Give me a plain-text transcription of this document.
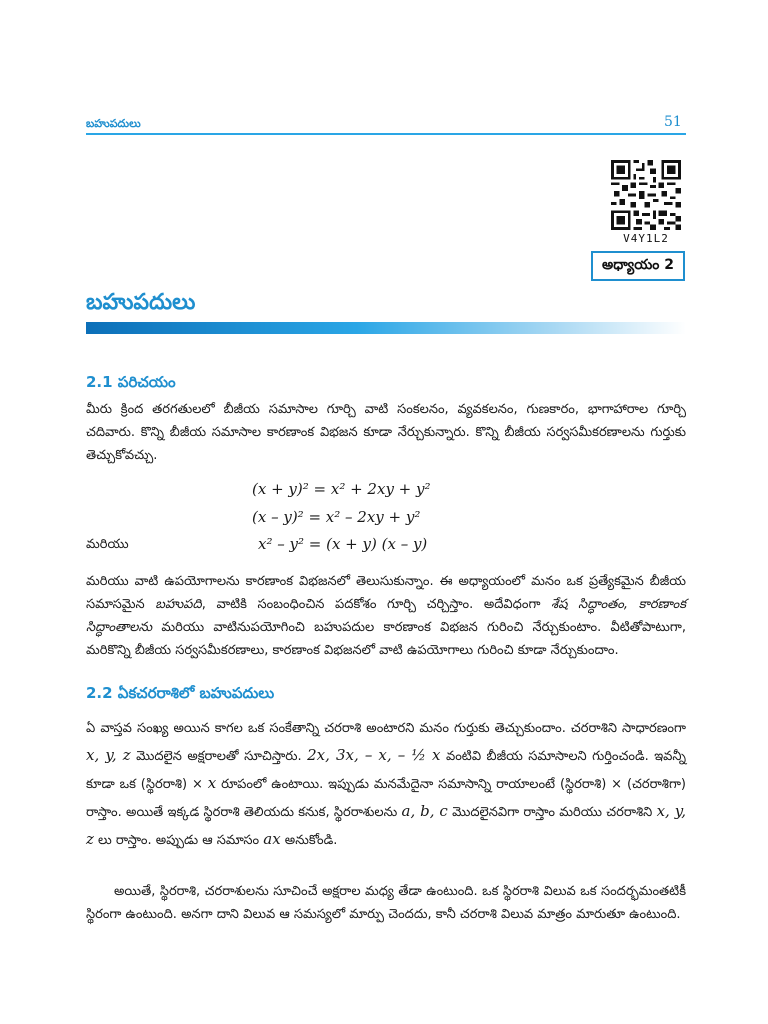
బహుపదులు	51
V4Y1L2
అధ్యాయం 2
బహుపదులు
2.1 పరిచయం
మీరు క్రింద తరగతులలో బీజీయ సమాసాల గూర్చి వాటి సంకలనం, వ్యవకలనం, గుణకారం, భాగాహారాల గూర్చి చదివారు. కొన్ని బీజీయ సమాసాల కారణాంక విభజన కూడా నేర్చుకున్నారు. కొన్ని బీజీయ సర్వసమీకరణాలను గుర్తుకు తెచ్చుకోవచ్చు.
(x + y)² = x² + 2xy + y²
(x – y)² = x² – 2xy + y²
మరియు	x² – y² = (x + y) (x – y)
మరియు వాటి ఉపయోగాలను కారణాంక విభజనలో తెలుసుకున్నాం. ఈ అధ్యాయంలో మనం ఒక ప్రత్యేకమైన బీజీయ సమాసమైన బహుపది, వాటికి సంబంధించిన పదకోశం గూర్చి చర్చిస్తాం. అదేవిధంగా శేష సిద్ధాంతం, కారణాంక సిద్ధాంతాలను మరియు వాటినుపయోగించి బహుపదుల కారణాంక విభజన గురించి నేర్చుకుంటాం. వీటితోపాటుగా, మరికొన్ని బీజీయ సర్వసమీకరణాలు, కారణాంక విభజనలో వాటి ఉపయోగాలు గురించి కూడా నేర్చుకుందాం.
2.2 ఏకచరరాశిలో బహుపదులు
ఏ వాస్తవ సంఖ్య అయిన కాగల ఒక సంకేతాన్ని చరరాశి అంటారని మనం గుర్తుకు తెచ్చుకుందాం. చరరాశిని సాధారణంగా x, y, z మొదలైన అక్షరాలతో సూచిస్తారు. 2x, 3x, – x, – ½ x వంటివి బీజీయ సమాసాలని గుర్తించండి. ఇవన్నీ కూడా ఒక (స్థిరరాశి) × x రూపంలో ఉంటాయి. ఇప్పుడు మనమేదైనా సమాసాన్ని రాయాలంటే (స్థిరరాశి) × (చరరాశిగా) రాస్తాం. అయితే ఇక్కడ స్థిరరాశి తెలియదు కనుక, స్థిరరాశులను a, b, c మొదలైనవిగా రాస్తాం మరియు చరరాశిని x, y, z లు రాస్తాం. అప్పుడు ఆ సమాసం ax అనుకోండి.
అయితే, స్థిరరాశి, చరరాశులను సూచించే అక్షరాల మధ్య తేడా ఉంటుంది. ఒక స్థిరరాశి విలువ ఒక సందర్భమంతటికీ స్థిరంగా ఉంటుంది. అనగా దాని విలువ ఆ సమస్యలో మార్పు చెందదు, కానీ చరరాశి విలువ మాత్రం మారుతూ ఉంటుంది.
